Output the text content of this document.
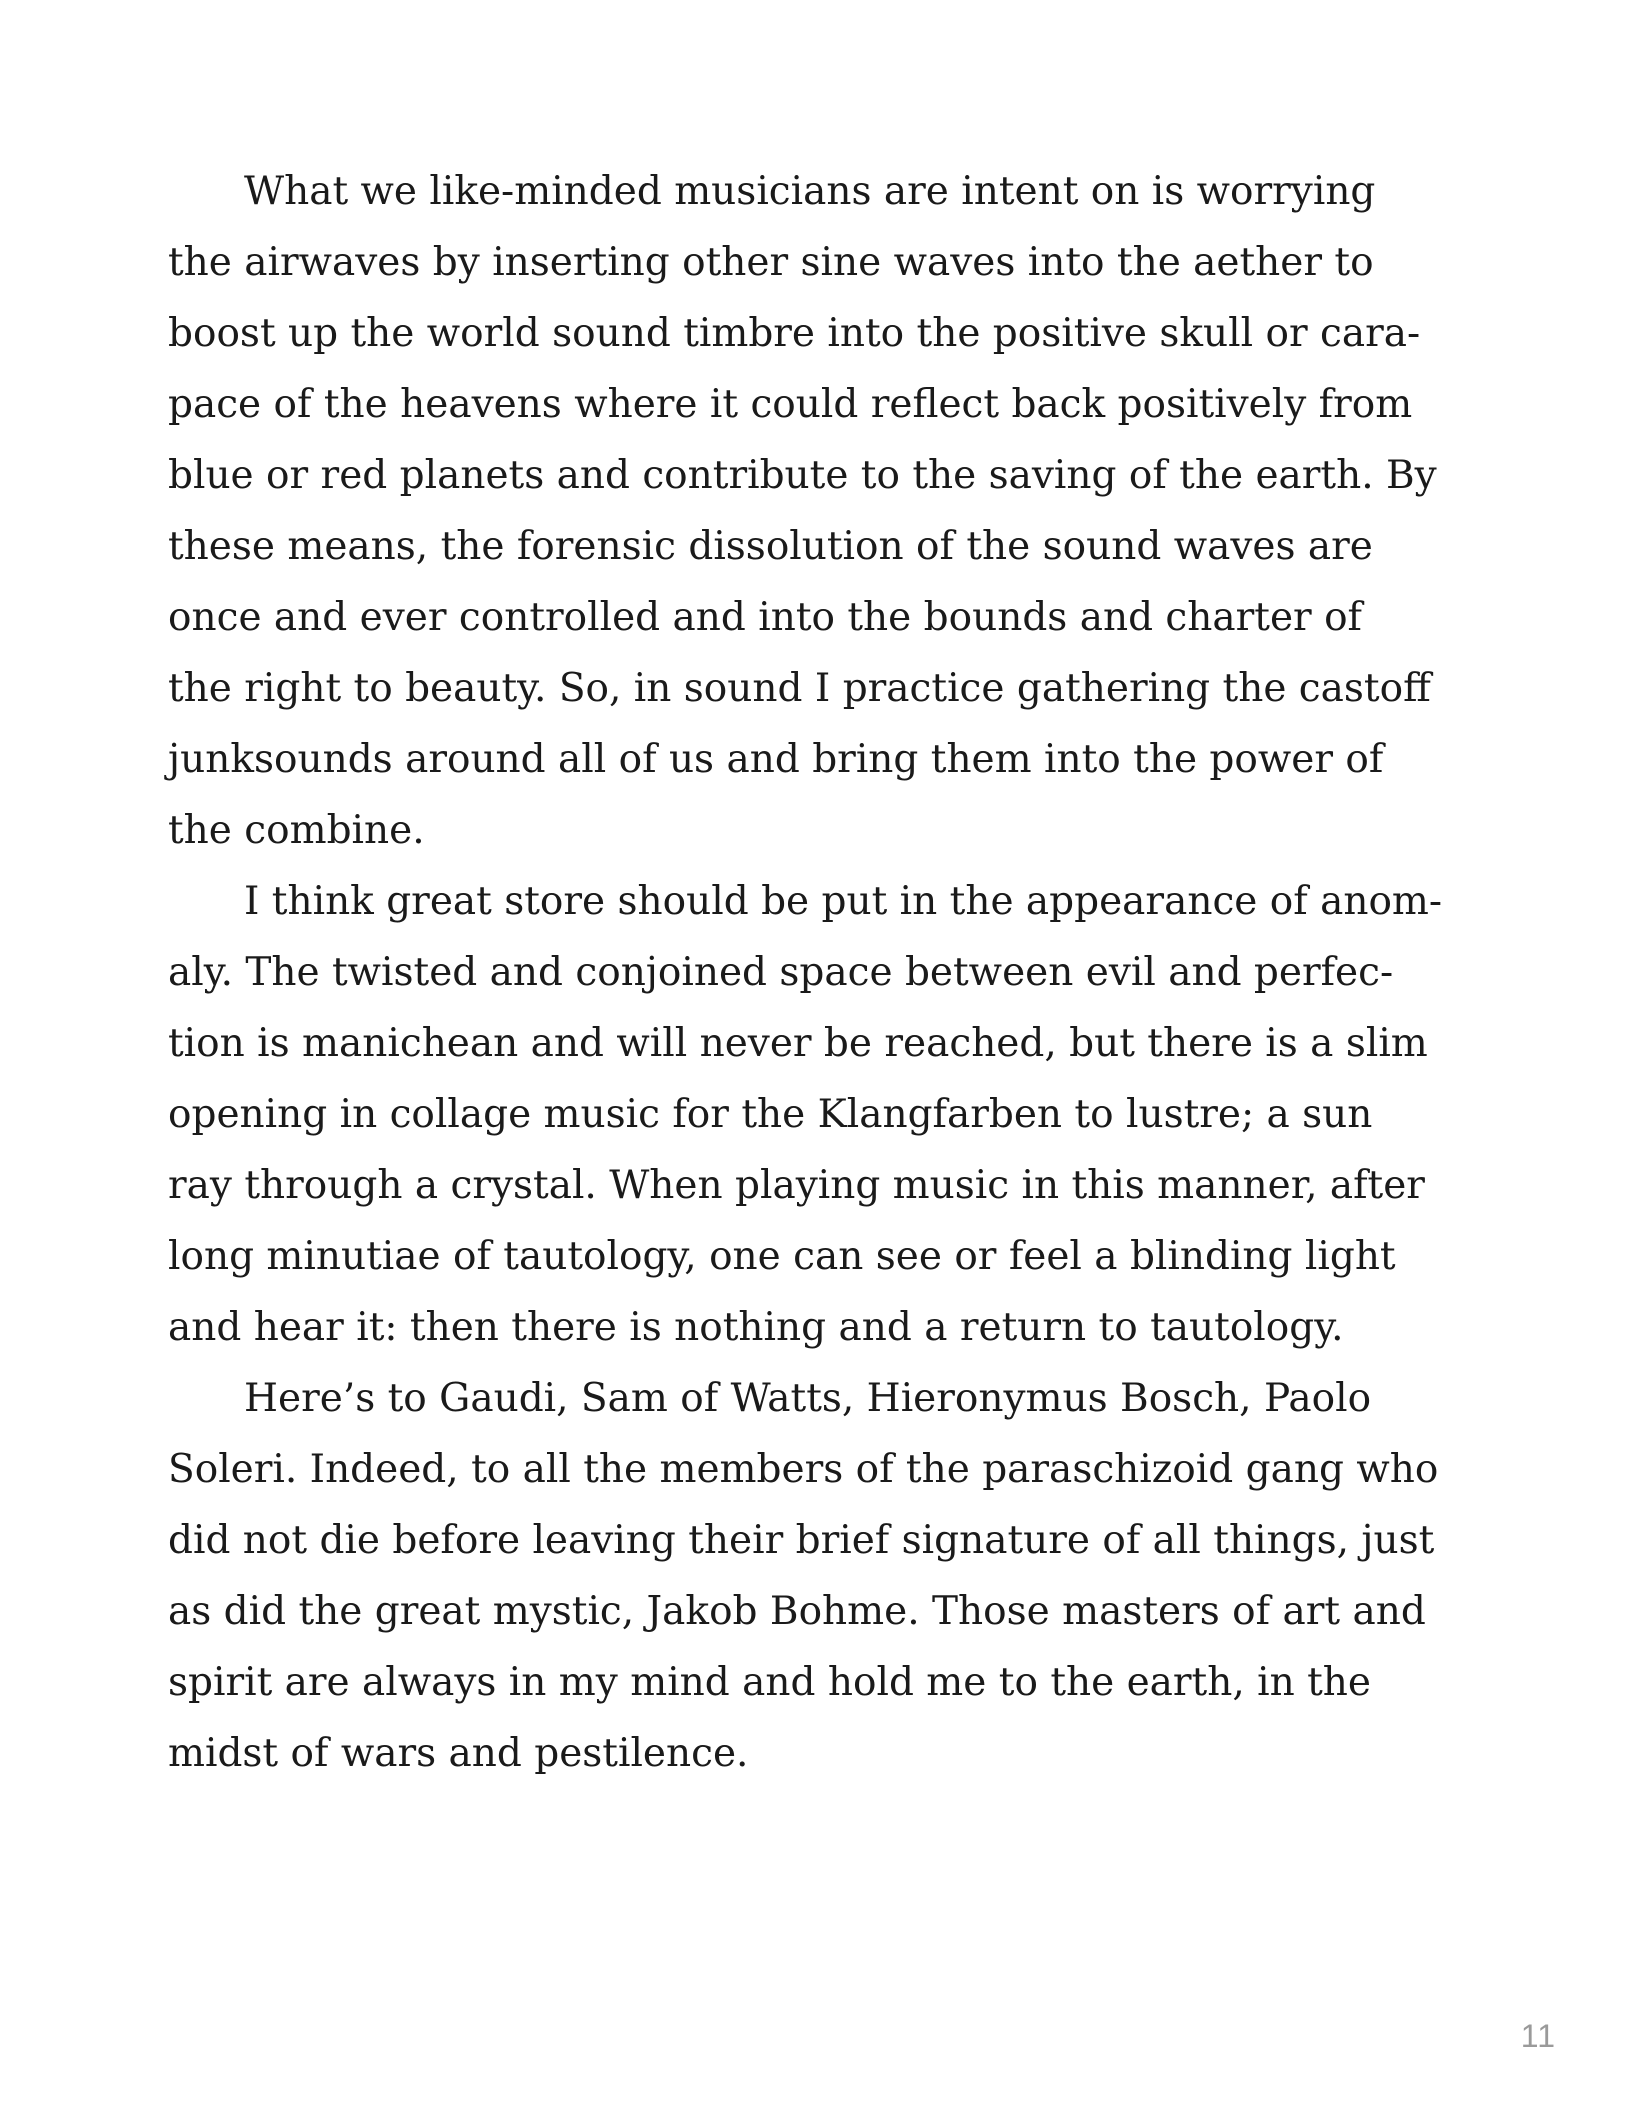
What we like-minded musicians are intent on is worrying
the airwaves by inserting other sine waves into the aether to
boost up the world sound timbre into the positive skull or cara-
pace of the heavens where it could reflect back positively from
blue or red planets and contribute to the saving of the earth. By
these means, the forensic dissolution of the sound waves are
once and ever controlled and into the bounds and charter of
the right to beauty. So, in sound I practice gathering the castoff
junksounds around all of us and bring them into the power of
the combine.
I think great store should be put in the appearance of anom-
aly. The twisted and conjoined space between evil and perfec-
tion is manichean and will never be reached, but there is a slim
opening in collage music for the Klangfarben to lustre; a sun
ray through a crystal. When playing music in this manner, after
long minutiae of tautology, one can see or feel a blinding light
and hear it: then there is nothing and a return to tautology.
Here’s to Gaudi, Sam of Watts, Hieronymus Bosch, Paolo
Soleri. Indeed, to all the members of the paraschizoid gang who
did not die before leaving their brief signature of all things, just
as did the great mystic, Jakob Bohme. Those masters of art and
spirit are always in my mind and hold me to the earth, in the
midst of wars and pestilence.
11
